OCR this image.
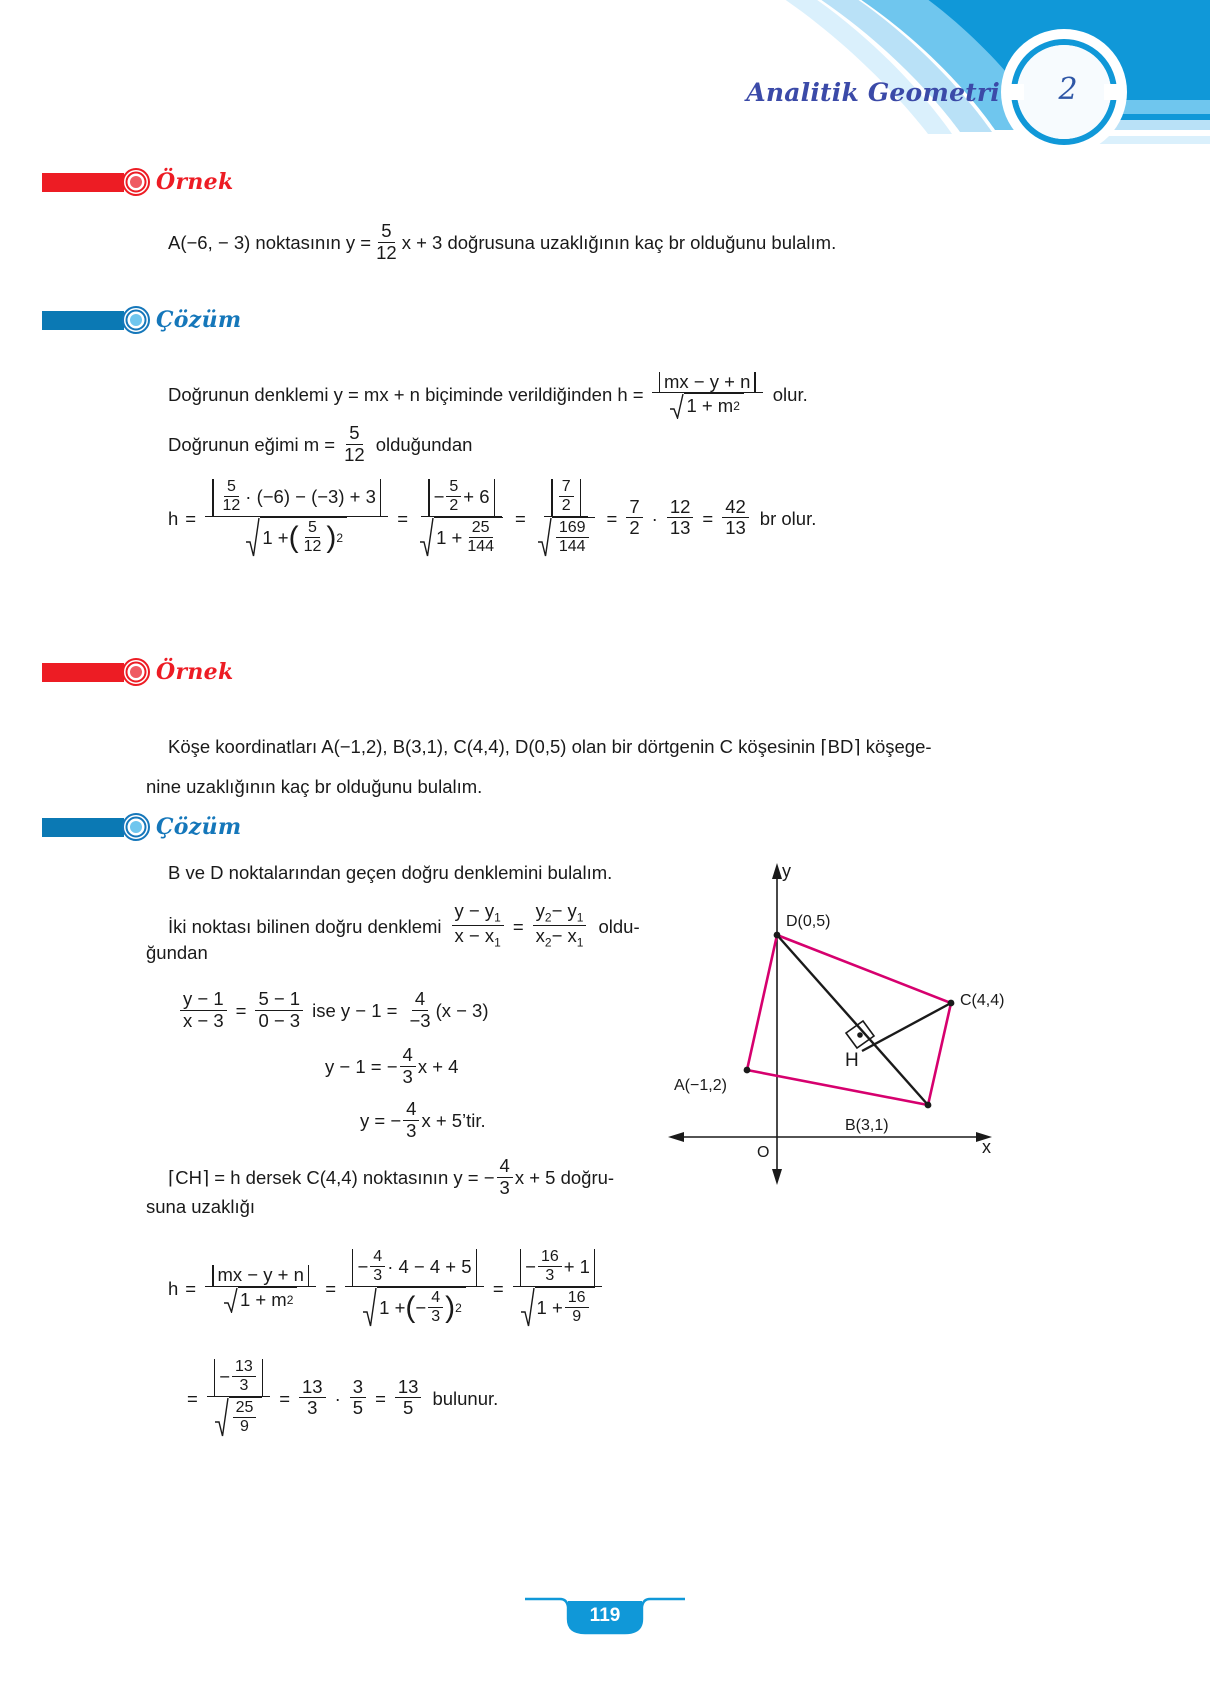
Analitik Geometri	2
Örnek
A(−6, − 3) noktasının $y = \frac{5}{12}$ x + 3 doğrusuna uzaklığının kaç br olduğunu bulalım.
Çözüm
Doğrunun denklemi y = mx + n biçiminde verildiğinden $h = \frac{mx - y + n}{1 + m 2}$ olur.
Doğrunun eğimi $m = \frac{5}{12}$ olduğundan
h =
$\frac{5}{12} \cdot (-6) - (-3) + 3$
1 + ( $\frac{5}{12}$ ) 2
= $\frac{- \frac{5}{2} + 6}{1 + \frac{25}{144}} = \frac{\frac{7}{2}}{\frac{169}{144}} = \frac{7}{2} \cdot \frac{12}{13} = \frac{42}{13}$ br olur.
Örnek
Köşe koordinatları A(−1,2), B(3,1), C(4,4), D(0,5) olan bir dörtgenin C köşesinin ⌈BD⌉ köşege-
nine uzaklığının kaç br olduğunu bulalım.
Çözüm
B ve D noktalarından geçen doğru denklemini bulalım.
İki noktası bilinen doğru denklemi $\frac{y - y_1}{x - x_1} = \frac{y_2- y_1}{x_2- x_1}$ oldu-
ğundan
$\frac{y - 1}{x - 3} = \frac{5 - 1}{0 - 3}$ ise $y - 1 = \frac{4}{-3} (x - 3)$
y − 1 = − $\frac{4}{3}$ x + 4
y = − $\frac{4}{3}$ x + 5’tir.
⌈CH⌉ = h dersek C(4,4) noktasının y = − $\frac{4}{3}$ x + 5 doğru-
suna uzaklığı
$h = \frac{mx - y + n}{1 + m 2}$ =
− $\frac{4}{3} \cdot 4 - 4 + 5$
1 + ( − $\frac{4}{3}$ ) 2
= $\frac{- \frac{16}{3} + 1}{1 + \frac{16}{9}}$
= $\frac{- \frac{13}{3}}{\frac{25}{9}} = \frac{13}{3} \cdot \frac{3}{5} = \frac{13}{5}$ bulunur.
y
x
O
D(0,5)
C(4,4)
A(−1,2)
B(3,1)
H
119
